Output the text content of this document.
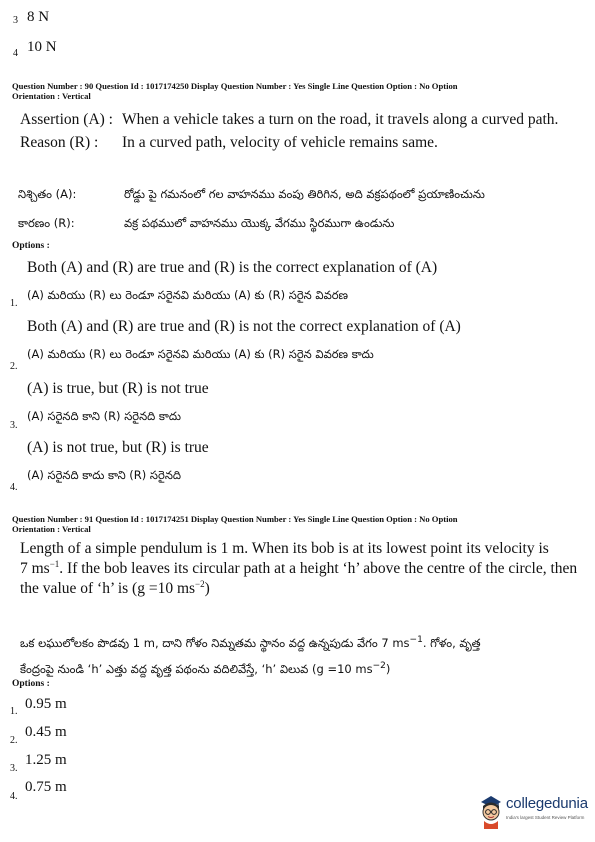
3 8 N
4 10 N
Question Number : 90 Question Id : 1017174250 Display Question Number : Yes Single Line Question Option : No Option
Orientation : Vertical
Assertion (A) : When a vehicle takes a turn on the road, it travels along a curved path.
Reason (R) : In a curved path, velocity of vehicle remains same.
నిశ్చితం (A):	రోడ్డు పై గమనంలో గల వాహనము వంపు తిరిగిన, అది వక్రపథంలో ప్రయాణించును
కారణం (R):	వక్ర పథములో వాహనము యొక్క వేగము స్థిరముగా ఉండును
Options :
Both (A) and (R) are true and (R) is the correct explanation of (A)
(A) మరియు (R) లు రెండూ సరైనవి మరియు (A) కు (R) సరైన వివరణ
1.
Both (A) and (R) are true and (R) is not the correct explanation of (A)
(A) మరియు (R) లు రెండూ సరైనవి మరియు (A) కు (R) సరైన వివరణ కాదు
2.
(A) is true, but (R) is not true
(A) సరైనది కాని (R) సరైనది కాదు
3.
(A) is not true, but (R) is true
(A) సరైనది కాదు కాని (R) సరైనది
4.
Question Number : 91 Question Id : 1017174251 Display Question Number : Yes Single Line Question Option : No Option
Orientation : Vertical
Length of a simple pendulum is 1 m. When its bob is at its lowest point its velocity is
7 $ms^{-1}$. If the bob leaves its circular path at a height ‘h’ above the centre of the circle, then
the value of ‘h’ is (g =10 $ms^{-2}$)
ఒక లఘులోలకం పొడవు 1 m, దాని గోళం నిమ్నతమ స్థానం వద్ద ఉన్నపుడు వేగం 7 $ms^{-1}$. గోళం, వృత్త
కేంద్రంపై నుండి ‘h’ ఎత్తు వద్ద వృత్త పథంను వదిలివేస్తే, ‘h’ విలువ (g =10 $ms^{-2}$)
Options :
1. 0.95 m
2.
0.45 m
3.
1.25 m
4.
0.75 m
collegedunia
India's largest Student Review Platform
